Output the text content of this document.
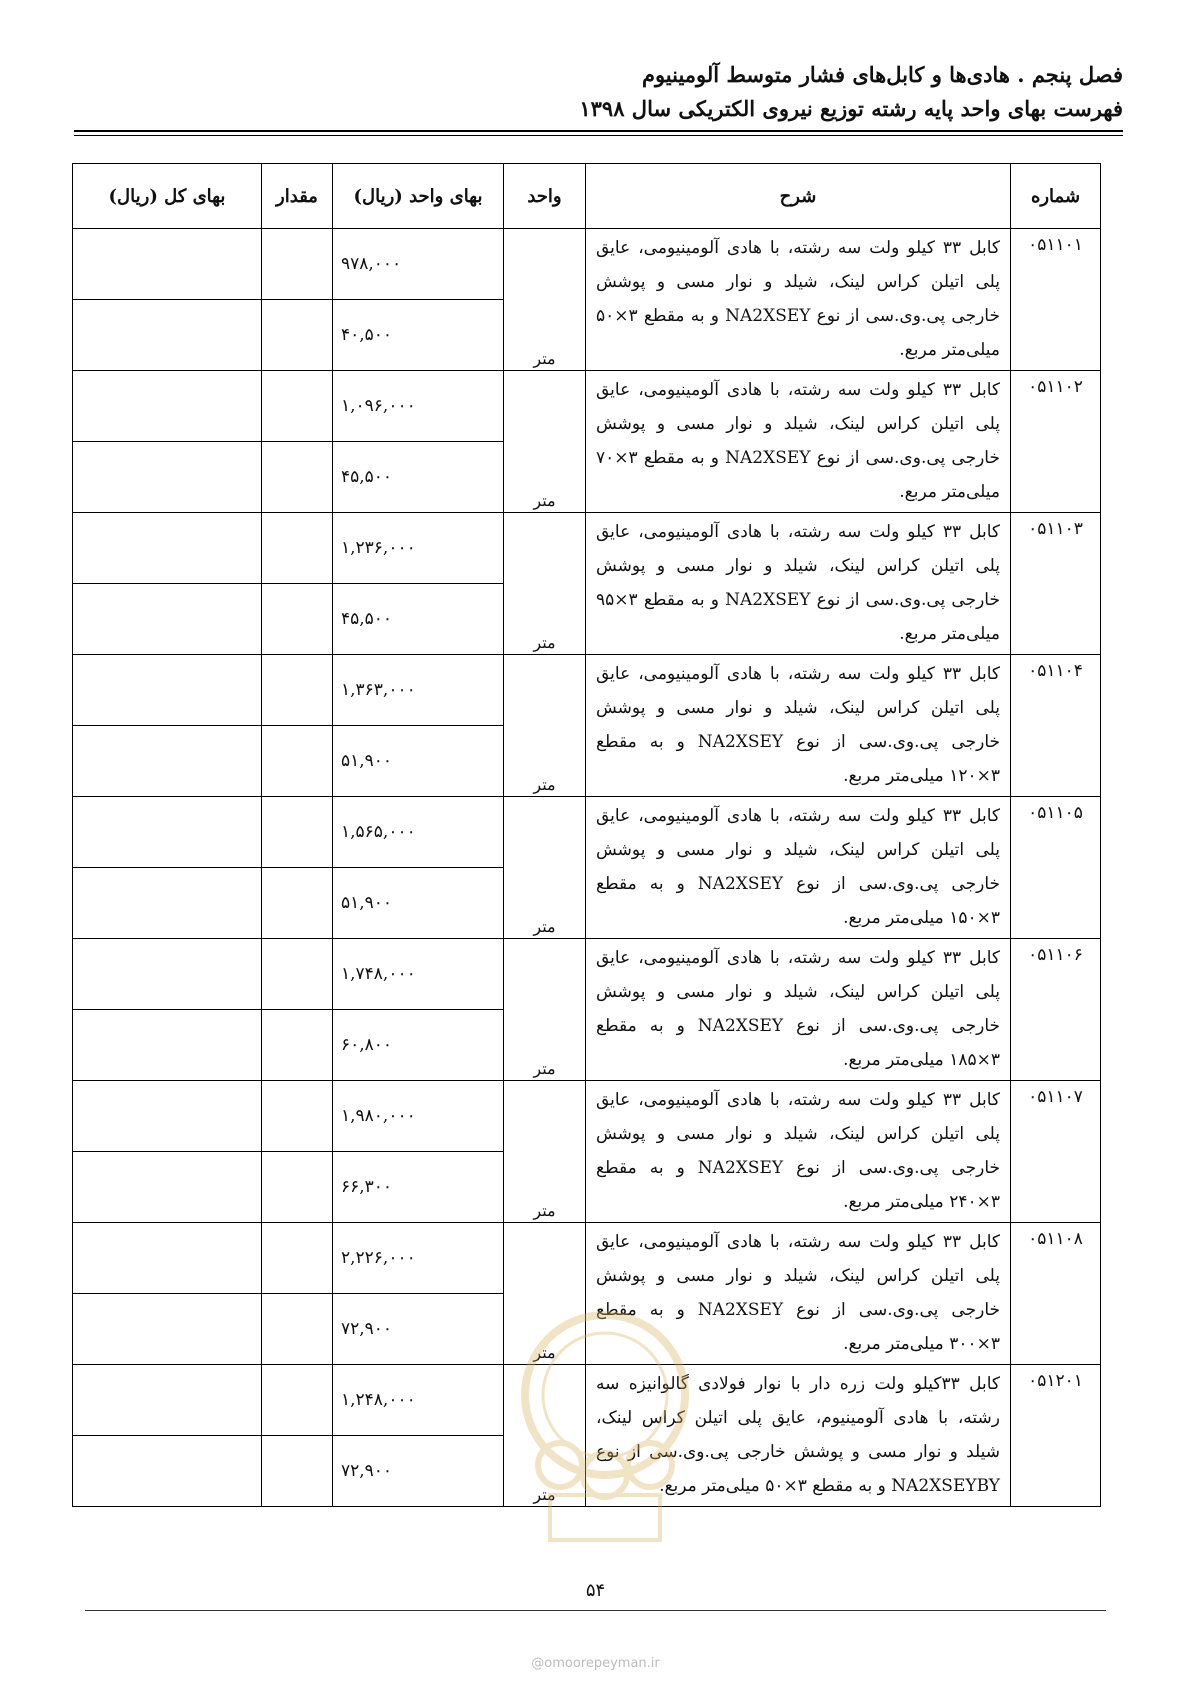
فصل پنجم . هادی‌ها و کابل‌های فشار متوسط آلومینیوم
فهرست بهای واحد پایه رشته توزیع نیروی الکتریکی سال ۱۳۹۸
شماره	شرح	واحد	بهای واحد (ریال)	مقدار	بهای کل (ریال)
۰۵۱۱۰۱	کابل ۳۳ کیلو ولت سه رشته، با هادی آلومینیومی، عایق پلی اتیلن کراس لینک، شیلد و نوار مسی و پوشش خارجی پی.وی.سی از نوع NA2XSEY و به مقطع ۳×۵۰ میلی‌متر مربع.	متر	۹۷۸,۰۰۰		
			۴۰,۵۰۰		
۰۵۱۱۰۲	کابل ۳۳ کیلو ولت سه رشته، با هادی آلومینیومی، عایق پلی اتیلن کراس لینک، شیلد و نوار مسی و پوشش خارجی پی.وی.سی از نوع NA2XSEY و به مقطع ۳×۷۰ میلی‌متر مربع.	متر	۱,۰۹۶,۰۰۰		
			۴۵,۵۰۰		
۰۵۱۱۰۳	کابل ۳۳ کیلو ولت سه رشته، با هادی آلومینیومی، عایق پلی اتیلن کراس لینک، شیلد و نوار مسی و پوشش خارجی پی.وی.سی از نوع NA2XSEY و به مقطع ۳×۹۵ میلی‌متر مربع.	متر	۱,۲۳۶,۰۰۰		
			۴۵,۵۰۰		
۰۵۱۱۰۴	کابل ۳۳ کیلو ولت سه رشته، با هادی آلومینیومی، عایق پلی اتیلن کراس لینک، شیلد و نوار مسی و پوشش خارجی پی.وی.سی از نوع NA2XSEY و به مقطع ۳×۱۲۰ میلی‌متر مربع.	متر	۱,۳۶۳,۰۰۰		
			۵۱,۹۰۰		
۰۵۱۱۰۵	کابل ۳۳ کیلو ولت سه رشته، با هادی آلومینیومی، عایق پلی اتیلن کراس لینک، شیلد و نوار مسی و پوشش خارجی پی.وی.سی از نوع NA2XSEY و به مقطع ۳×۱۵۰ میلی‌متر مربع.	متر	۱,۵۶۵,۰۰۰		
			۵۱,۹۰۰		
۰۵۱۱۰۶	کابل ۳۳ کیلو ولت سه رشته، با هادی آلومینیومی، عایق پلی اتیلن کراس لینک، شیلد و نوار مسی و پوشش خارجی پی.وی.سی از نوع NA2XSEY و به مقطع ۳×۱۸۵ میلی‌متر مربع.	متر	۱,۷۴۸,۰۰۰		
			۶۰,۸۰۰		
۰۵۱۱۰۷	کابل ۳۳ کیلو ولت سه رشته، با هادی آلومینیومی، عایق پلی اتیلن کراس لینک، شیلد و نوار مسی و پوشش خارجی پی.وی.سی از نوع NA2XSEY و به مقطع ۳×۲۴۰ میلی‌متر مربع.	متر	۱,۹۸۰,۰۰۰		
			۶۶,۳۰۰		
۰۵۱۱۰۸	کابل ۳۳ کیلو ولت سه رشته، با هادی آلومینیومی، عایق پلی اتیلن کراس لینک، شیلد و نوار مسی و پوشش خارجی پی.وی.سی از نوع NA2XSEY و به مقطع ۳×۳۰۰ میلی‌متر مربع.	متر	۲,۲۲۶,۰۰۰		
			۷۲,۹۰۰		
۰۵۱۲۰۱	کابل ۳۳کیلو ولت زره دار با نوار فولادی گالوانیزه سه رشته، با هادی آلومینیوم، عایق پلی اتیلن کراس لینک، شیلد و نوار مسی و پوشش خارجی پی.وی.سی از نوع NA2XSEYBY و به مقطع ۳×۵۰ میلی‌متر مربع.	متر	۱,۲۴۸,۰۰۰		
			۷۲,۹۰۰		
۵۴
@omoorepeyman.ir
